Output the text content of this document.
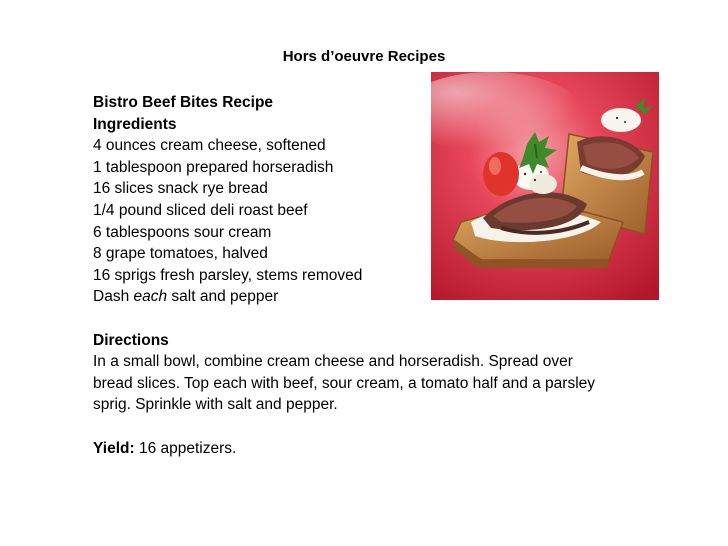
Hors d’oeuvre Recipes
Bistro Beef Bites Recipe
Ingredients
4 ounces cream cheese, softened
1 tablespoon prepared horseradish
16 slices snack rye bread
1/4 pound sliced deli roast beef
6 tablespoons sour cream
8 grape tomatoes, halved
16 sprigs fresh parsley, stems removed
Dash each salt and pepper
Directions
In a small bowl, combine cream cheese and horseradish. Spread over
bread slices. Top each with beef, sour cream, a tomato half and a parsley
sprig. Sprinkle with salt and pepper.
Yield: 16 appetizers.
